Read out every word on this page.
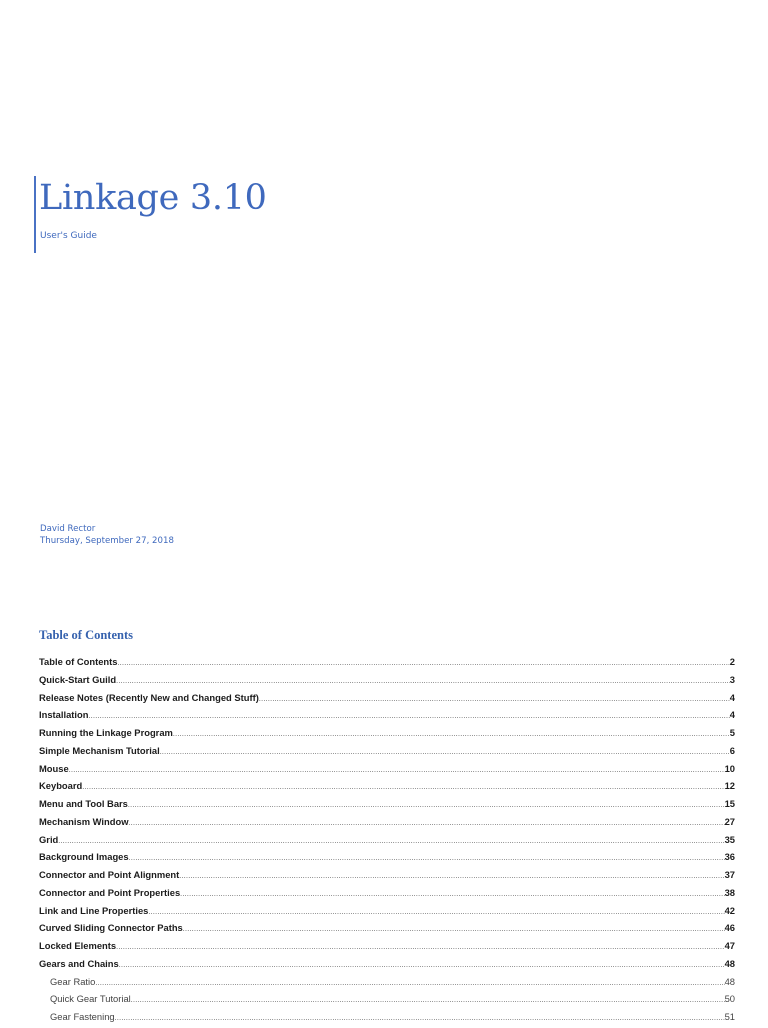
Linkage 3.10
User's Guide
David Rector
Thursday, September 27, 2018
Table of Contents
Table of Contents .....	2
Quick-Start Guild .....	3
Release Notes (Recently New and Changed Stuff) .....	4
Installation .....	4
Running the Linkage Program .....	5
Simple Mechanism Tutorial .....	6
Mouse .....	10
Keyboard .....	12
Menu and Tool Bars .....	15
Mechanism Window .....	27
Grid .....	35
Background Images .....	36
Connector and Point Alignment .....	37
Connector and Point Properties .....	38
Link and Line Properties .....	42
Curved Sliding Connector Paths .....	46
Locked Elements .....	47
Gears and Chains .....	48
Gear Ratio .....	48
Quick Gear Tutorial .....	50
Gear Fastening .....	51
